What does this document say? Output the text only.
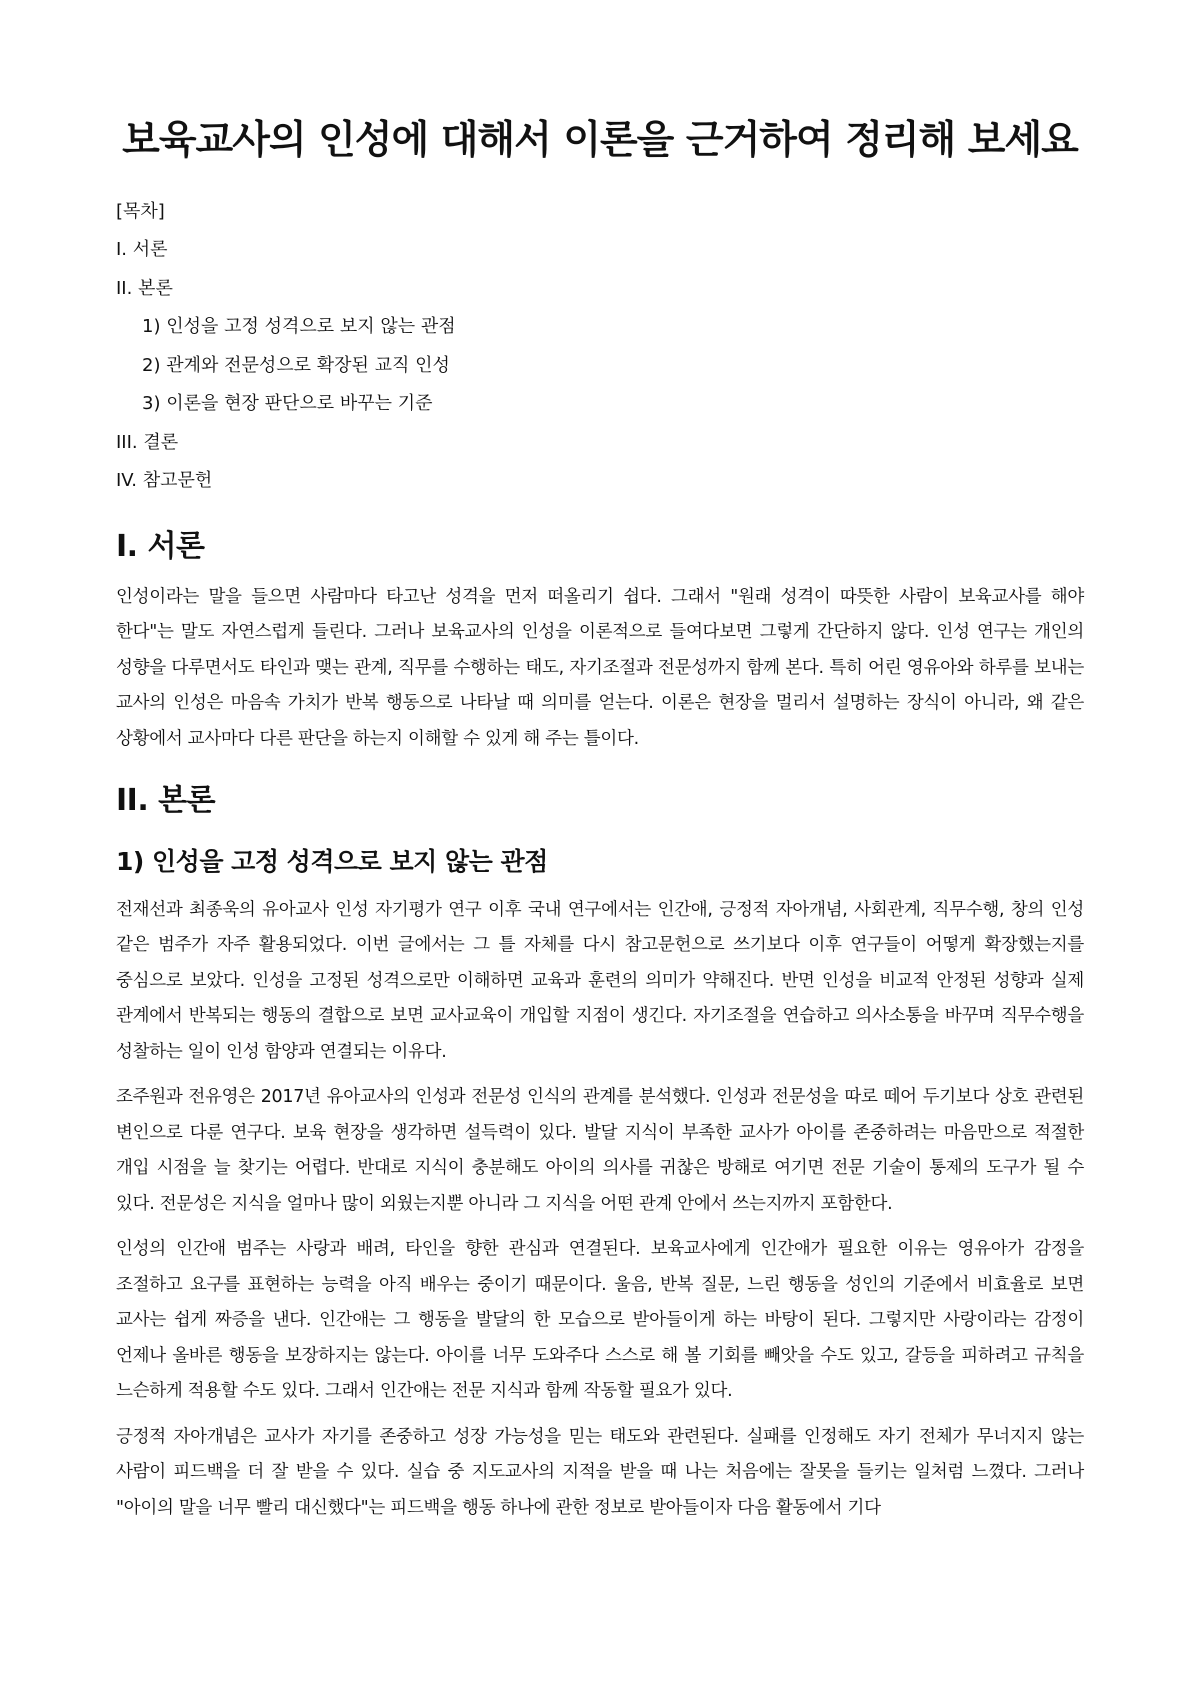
보육교사의 인성에 대해서 이론을 근거하여 정리해 보세요
[목차]
I. 서론
II. 본론
1) 인성을 고정 성격으로 보지 않는 관점
2) 관계와 전문성으로 확장된 교직 인성
3) 이론을 현장 판단으로 바꾸는 기준
III. 결론
IV. 참고문헌
I. 서론

인성이라는 말을 들으면 사람마다 타고난 성격을 먼저 떠올리기 쉽다. 그래서 "원래 성격이 따뜻한 사람이 보육교사를 해야 한다"는 말도 자연스럽게 들린다. 그러나 보육교사의 인성을 이론적으로 들여다보면 그렇게 간단하지 않다. 인성 연구는 개인의 성향을 다루면서도 타인과 맺는 관계, 직무를 수행하는 태도, 자기조절과 전문성까지 함께 본다. 특히 어린 영유아와 하루를 보내는 교사의 인성은 마음속 가치가 반복 행동으로 나타날 때 의미를 얻는다. 이론은 현장을 멀리서 설명하는 장식이 아니라, 왜 같은 상황에서 교사마다 다른 판단을 하는지 이해할 수 있게 해 주는 틀이다.

II. 본론
1) 인성을 고정 성격으로 보지 않는 관점

전재선과 최종욱의 유아교사 인성 자기평가 연구 이후 국내 연구에서는 인간애, 긍정적 자아개념, 사회관계, 직무수행, 창의 인성 같은 범주가 자주 활용되었다. 이번 글에서는 그 틀 자체를 다시 참고문헌으로 쓰기보다 이후 연구들이 어떻게 확장했는지를 중심으로 보았다. 인성을 고정된 성격으로만 이해하면 교육과 훈련의 의미가 약해진다. 반면 인성을 비교적 안정된 성향과 실제 관계에서 반복되는 행동의 결합으로 보면 교사교육이 개입할 지점이 생긴다. 자기조절을 연습하고 의사소통을 바꾸며 직무수행을 성찰하는 일이 인성 함양과 연결되는 이유다.

조주원과 전유영은 2017년 유아교사의 인성과 전문성 인식의 관계를 분석했다. 인성과 전문성을 따로 떼어 두기보다 상호 관련된 변인으로 다룬 연구다. 보육 현장을 생각하면 설득력이 있다. 발달 지식이 부족한 교사가 아이를 존중하려는 마음만으로 적절한 개입 시점을 늘 찾기는 어렵다. 반대로 지식이 충분해도 아이의 의사를 귀찮은 방해로 여기면 전문 기술이 통제의 도구가 될 수 있다. 전문성은 지식을 얼마나 많이 외웠는지뿐 아니라 그 지식을 어떤 관계 안에서 쓰는지까지 포함한다.

인성의 인간애 범주는 사랑과 배려, 타인을 향한 관심과 연결된다. 보육교사에게 인간애가 필요한 이유는 영유아가 감정을 조절하고 요구를 표현하는 능력을 아직 배우는 중이기 때문이다. 울음, 반복 질문, 느린 행동을 성인의 기준에서 비효율로 보면 교사는 쉽게 짜증을 낸다. 인간애는 그 행동을 발달의 한 모습으로 받아들이게 하는 바탕이 된다. 그렇지만 사랑이라는 감정이 언제나 올바른 행동을 보장하지는 않는다. 아이를 너무 도와주다 스스로 해 볼 기회를 빼앗을 수도 있고, 갈등을 피하려고 규칙을 느슨하게 적용할 수도 있다. 그래서 인간애는 전문 지식과 함께 작동할 필요가 있다.

긍정적 자아개념은 교사가 자기를 존중하고 성장 가능성을 믿는 태도와 관련된다. 실패를 인정해도 자기 전체가 무너지지 않는 사람이 피드백을 더 잘 받을 수 있다. 실습 중 지도교사의 지적을 받을 때 나는 처음에는 잘못을 들키는 일처럼 느꼈다. 그러나 "아이의 말을 너무 빨리 대신했다"는 피드백을 행동 하나에 관한 정보로 받아들이자 다음 활동에서 기다
